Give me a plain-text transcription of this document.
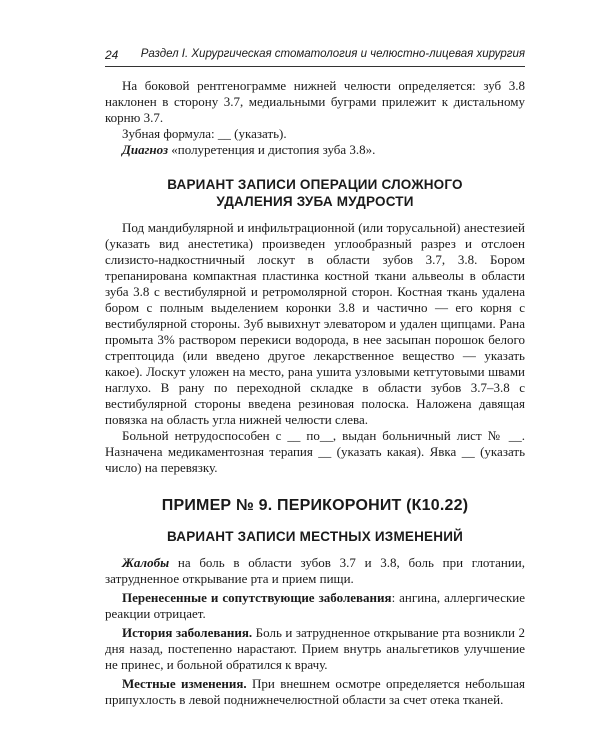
24 Раздел I. Хирургическая стоматология и челюстно-лицевая хирургия

На боковой рентгенограмме нижней челюсти определяется: зуб 3.8 наклонен в сторону 3.7, медиальными буграми прилежит к дистальному корню 3.7.

Зубная формула: __ (указать).

Диагноз «полуретенция и дистопия зуба 3.8».

ВАРИАНТ ЗАПИСИ ОПЕРАЦИИ СЛОЖНОГО
УДАЛЕНИЯ ЗУБА МУДРОСТИ

Под мандибулярной и инфильтрационной (или торусальной) анестезией (указать вид анестетика) произведен углообразный разрез и отслоен слизисто-надкостничный лоскут в области зубов 3.7, 3.8. Бором трепанирована компактная пластинка костной ткани альвеолы в области зуба 3.8 с вестибулярной и ретромолярной сторон. Костная ткань удалена бором с полным выделением коронки 3.8 и частично — его корня с вестибулярной стороны. Зуб вывихнут элеватором и удален щипцами. Рана промыта 3% раствором перекиси водорода, в нее засыпан порошок белого стрептоцида (или введено другое лекарственное вещество — указать какое). Лоскут уложен на место, рана ушита узловыми кетгутовыми швами наглухо. В рану по переходной складке в области зубов 3.7–3.8 с вестибулярной стороны введена резиновая полоска. Наложена давящая повязка на область угла нижней челюсти слева.

Больной нетрудоспособен с __ по__, выдан больничный лист № __. Назначена медикаментозная терапия __ (указать какая). Явка __ (указать число) на перевязку.

ПРИМЕР № 9. ПЕРИКОРОНИТ (К10.22)
ВАРИАНТ ЗАПИСИ МЕСТНЫХ ИЗМЕНЕНИЙ

Жалобы на боль в области зубов 3.7 и 3.8, боль при глотании, затрудненное открывание рта и прием пищи.

Перенесенные и сопутствующие заболевания: ангина, аллергические реакции отрицает.

История заболевания. Боль и затрудненное открывание рта возникли 2 дня назад, постепенно нарастают. Прием внутрь анальгетиков улучшение не принес, и больной обратился к врачу.

Местные изменения. При внешнем осмотре определяется небольшая припухлость в левой поднижнечелюстной области за счет отека тканей.
